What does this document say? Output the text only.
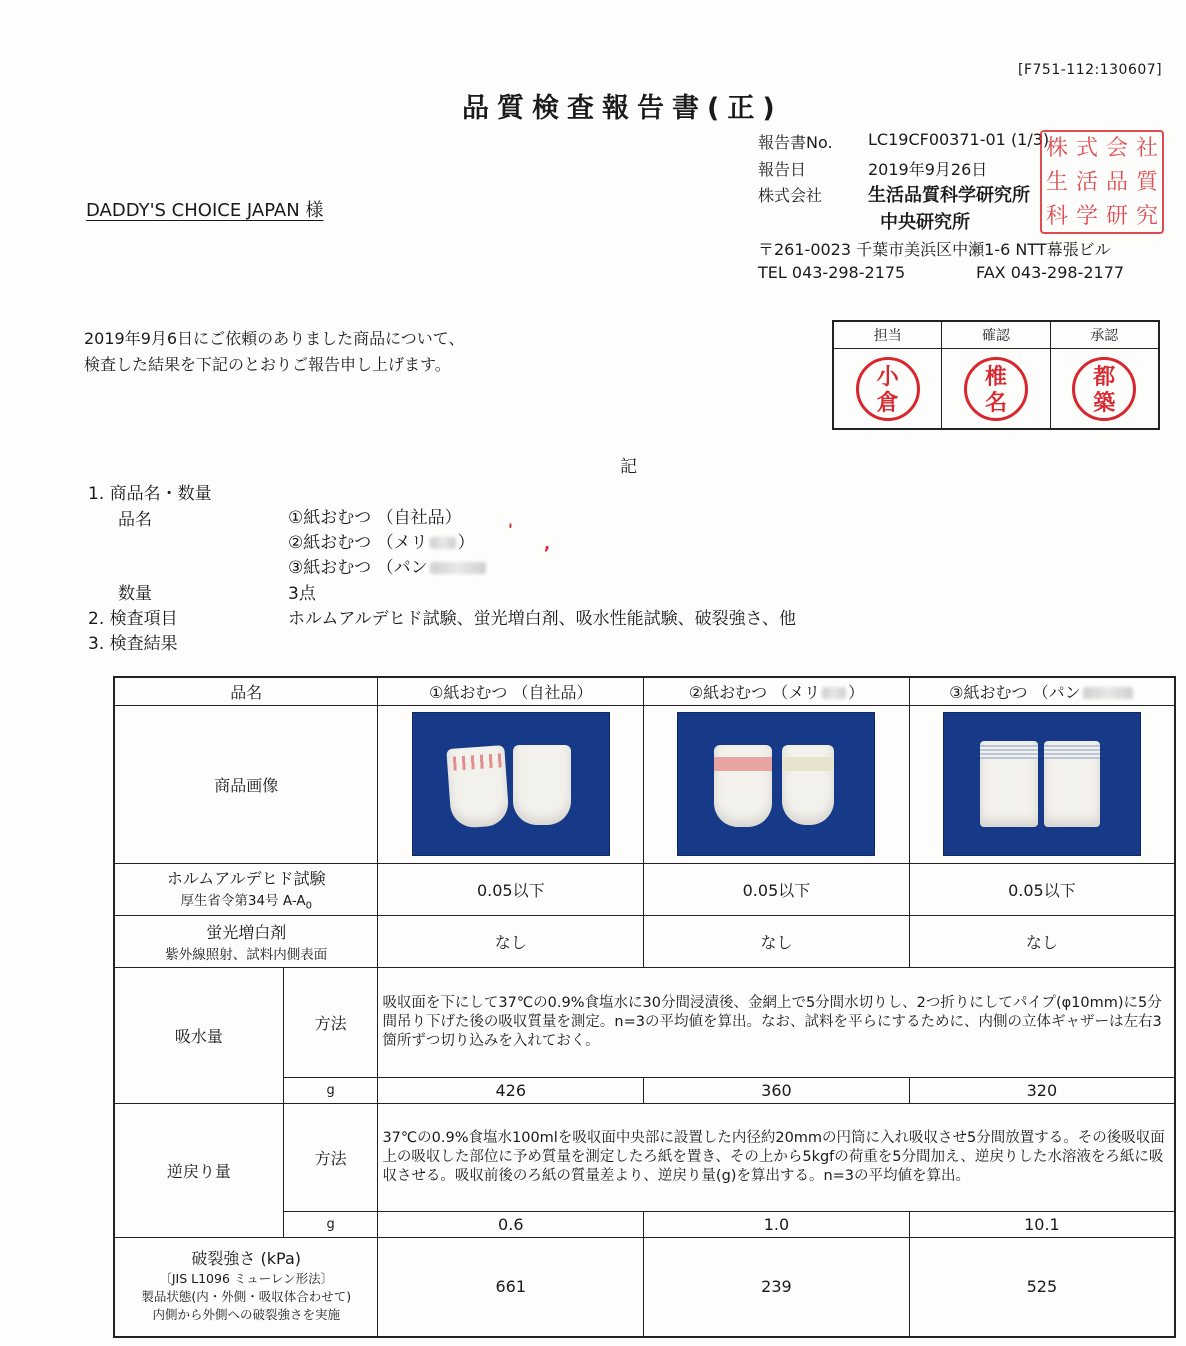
[F751-112:130607]
品質検査報告書(正)
報告書No. LC19CF00371-01 (1/3)
報告日	2019年9月26日
株式会社	生活品質科学研究所
中央研究所
〒261-0023 千葉市美浜区中瀬1-6 NTT幕張ビル
TEL 043-298-2175	FAX 043-298-2177
株 式 会 社
生 活 品 質
科 学 研 究
DADDY'S CHOICE JAPAN 様
2019年9月6日にご依頼のありました商品について、
検査した結果を下記のとおりご報告申し上げます。
担当	確認	承認
小倉	椎名	都築
記
1. 商品名・数量
品名	①紙おむつ （自社品）
②紙おむつ （メリ ）
③紙おむつ （パン
'
,
数量	3点
2. 検査項目	ホルムアルデヒド試験、蛍光増白剤、吸水性能試験、破裂強さ、他
3. 検査結果
品名		①紙おむつ （自社品）	②紙おむつ （メリ ）	③紙おむつ （パン
商品画像		

ホルムアルデヒド試験
厚生省令第34号 $A-A_0$		0.05以下	0.05以下	0.05以下

蛍光増白剤
紫外線照射、試料内側表面		なし	なし	なし
吸水量	方法	吸収面を下にして37℃の0.9%食塩水に30分間浸漬後、金網上で5分間水切りし、2つ折りにしてパイプ(φ10mm)に5分間吊り下げた後の吸収質量を測定。n=3の平均値を算出。なお、試料を平らにするために、内側の立体ギャザーは左右3箇所ずつ切り込みを入れておく。		
	g	426	360	320
逆戻り量	方法	37℃の0.9%食塩水100mlを吸収面中央部に設置した内径約20mmの円筒に入れ吸収させ5分間放置する。その後吸収面上の吸収した部位に予め質量を測定したろ紙を置き、その上から5kgfの荷重を5分間加え、逆戻りした水溶液をろ紙に吸収させる。吸収前後のろ紙の質量差より、逆戻り量(g)を算出する。n=3の平均値を算出。		
	g	0.6	1.0	10.1

破裂強さ (kPa)
〔JIS L1096 ミューレン形法〕
製品状態(内・外側・吸収体合わせて)
内側から外側への破裂強さを実施		661	239	525
